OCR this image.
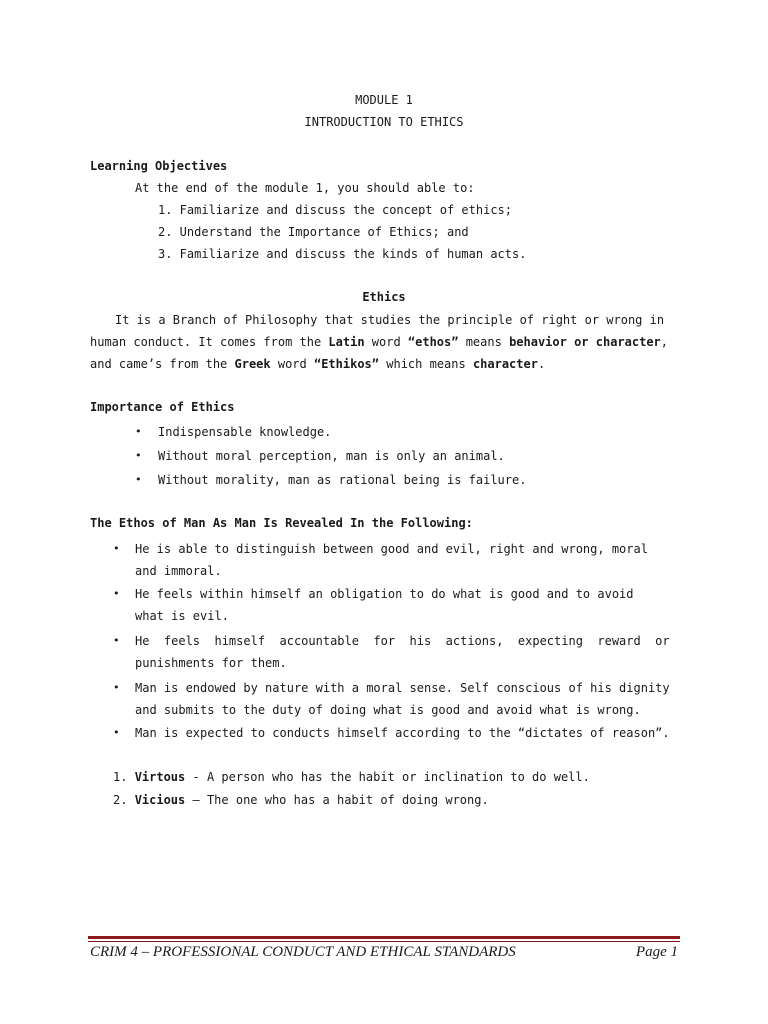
MODULE 1
INTRODUCTION TO ETHICS
Learning Objectives
At the end of the module 1, you should able to:
1. Familiarize and discuss the concept of ethics;
2. Understand the Importance of Ethics; and
3. Familiarize and discuss the kinds of human acts.
Ethics
It is a Branch of Philosophy that studies the principle of right or wrong in
human conduct. It comes from the Latin word “ethos” means behavior or character,
and came’s from the Greek word “Ethikos” which means character.
Importance of Ethics
• Indispensable knowledge.
• Without moral perception, man is only an animal.
• Without morality, man as rational being is failure.
The Ethos of Man As Man Is Revealed In the Following:
• He is able to distinguish between good and evil, right and wrong, moral
and immoral.
• He feels within himself an obligation to do what is good and to avoid
what is evil.
• He  feels  himself  accountable  for  his  actions,  expecting  reward  or
punishments for them.
• Man is endowed by nature with a moral sense. Self conscious of his dignity
and submits to the duty of doing what is good and avoid what is wrong.
• Man is expected to conducts himself according to the “dictates of reason”.
1. Virtous - A person who has the habit or inclination to do well.
2. Vicious – The one who has a habit of doing wrong.
CRIM 4 – PROFESSIONAL CONDUCT AND ETHICAL STANDARDS	Page 1
